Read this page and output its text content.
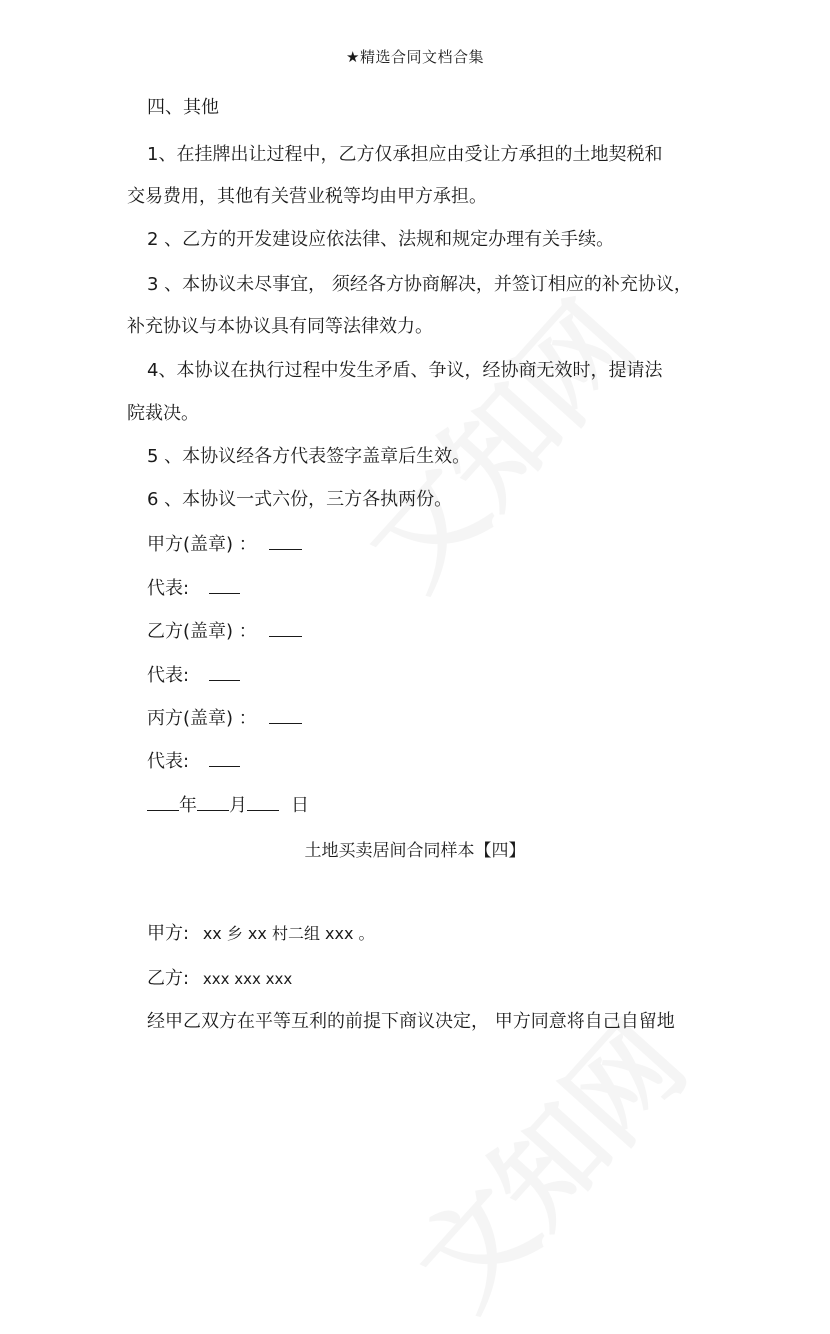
★精选合同文档合集
四、其他
1、在挂牌出让过程中，乙方仅承担应由受让方承担的土地契税和
交易费用，其他有关营业税等均由甲方承担。
2 、乙方的开发建设应依法律、法规和规定办理有关手续。
3 、本协议未尽事宜， 须经各方协商解决，并签订相应的补充协议，
补充协议与本协议具有同等法律效力。
4、本协议在执行过程中发生矛盾、争议，经协商无效时，提请法
院裁决。
5 、本协议经各方代表签字盖章后生效。
6 、本协议一式六份，三方各执两份。
甲方(盖章) ：
代表:
乙方(盖章) ：
代表:
丙方(盖章) ：
代表:
年 月 日
土地买卖居间合同样本【四】
甲方: xx 乡 xx 村二组 xxx 。
乙方: xxx xxx xxx
经甲乙双方在平等互利的前提下商议决定， 甲方同意将自己自留地
